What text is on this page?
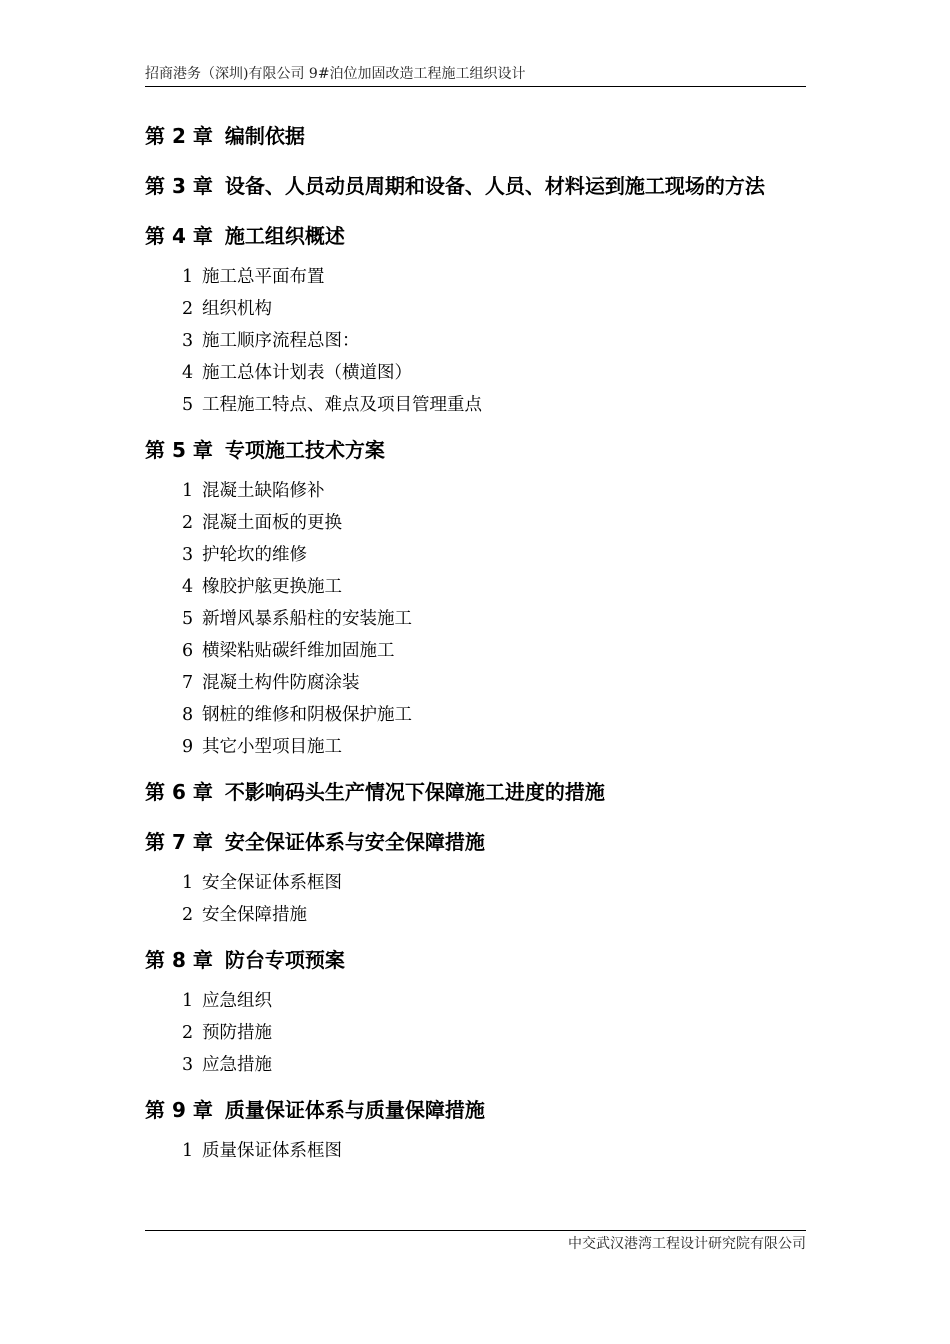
招商港务（深圳)有限公司 9#泊位加固改造工程施工组织设计
第 2 章 编制依据
第 3 章 设备、人员动员周期和设备、人员、材料运到施工现场的方法
第 4 章 施工组织概述
1 施工总平面布置
2 组织机构
3 施工顺序流程总图：
4 施工总体计划表（横道图）
5 工程施工特点、难点及项目管理重点
第 5 章 专项施工技术方案
1 混凝土缺陷修补
2 混凝土面板的更换
3 护轮坎的维修
4 橡胶护舷更换施工
5 新增风暴系船柱的安装施工
6 横梁粘贴碳纤维加固施工
7 混凝土构件防腐涂装
8 钢桩的维修和阴极保护施工
9 其它小型项目施工
第 6 章 不影响码头生产情况下保障施工进度的措施
第 7 章 安全保证体系与安全保障措施
1 安全保证体系框图
2 安全保障措施
第 8 章 防台专项预案
1 应急组织
2 预防措施
3 应急措施
第 9 章 质量保证体系与质量保障措施
1 质量保证体系框图
中交武汉港湾工程设计研究院有限公司
